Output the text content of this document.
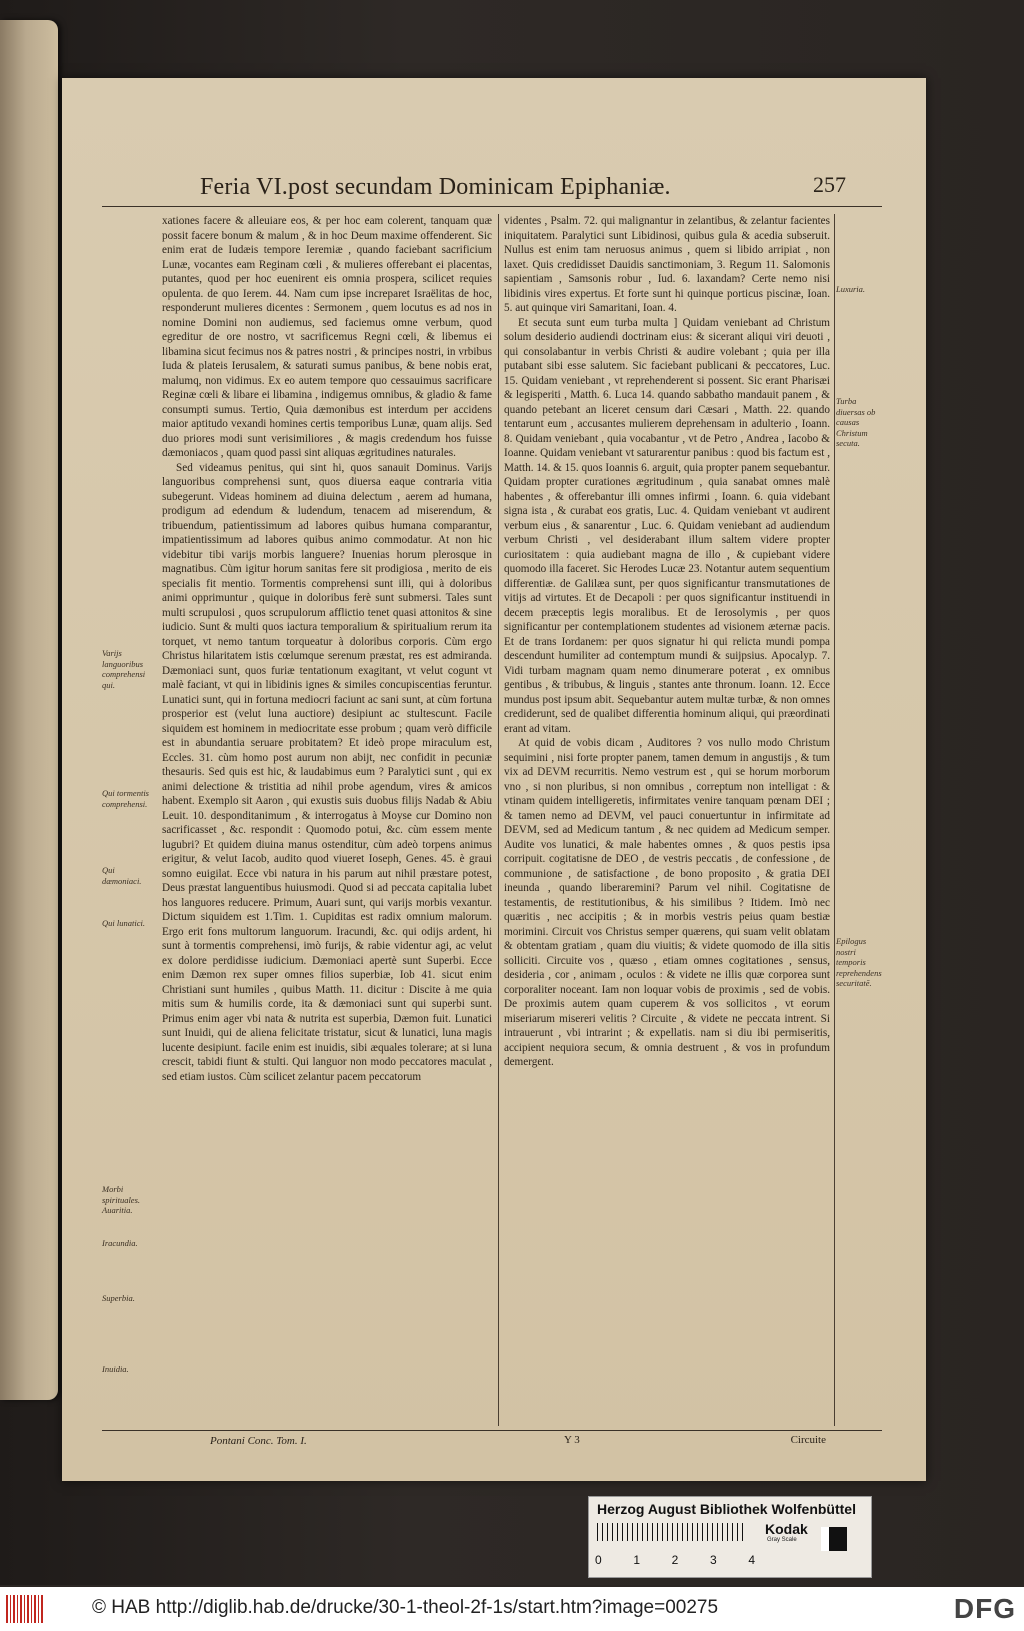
Feria VI.post secundam Dominicam Epiphaniæ.	257
Varijs languoribus comprehensi qui.
Qui tormentis comprehensi.
Qui dæmoniaci.
Qui lunatici.
Morbi spirituales. Auaritia.
Iracundia.
Superbia.
Inuidia.

xationes facere & alleuiare eos, & per hoc eam colerent, tanquam quæ possit facere bonum & malum , & in hoc Deum maxime offenderent. Sic enim erat de Iudæis tempore Ieremiæ , quando faciebant sacrificium Lunæ, vocantes eam Reginam cœli , & mulieres offerebant ei placentas, putantes, quod per hoc euenirent eis omnia prospera, scilicet requies opulenta. de quo Ierem. 44. Nam cum ipse increparet Israëlitas de hoc, responderunt mulieres dicentes : Sermonem , quem locutus es ad nos in nomine Domini non audiemus, sed faciemus omne verbum, quod egreditur de ore nostro, vt sacrificemus Regni cœli, & libemus ei libamina sicut fecimus nos & patres nostri , & principes nostri, in vrbibus Iuda & plateis Ierusalem, & saturati sumus panibus, & bene nobis erat, malumq, non vidimus. Ex eo autem tempore quo cessauimus sacrificare Reginæ cœli & libare ei libamina , indigemus omnibus, & gladio & fame consumpti sumus. Tertio, Quia dæmonibus est interdum per accidens maior aptitudo vexandi homines certis temporibus Lunæ, quam alijs. Sed duo priores modi sunt verisimiliores , & magis credendum hos fuisse dæmoniacos , quam quod passi sint aliquas ægritudines naturales.

Sed videamus penitus, qui sint hi, quos sanauit Dominus. Varijs languoribus comprehensi sunt, quos diuersa eaque contraria vitia subegerunt. Videas hominem ad diuina delectum , aerem ad humana, prodigum ad edendum & ludendum, tenacem ad miserendum, & tribuendum, patientissimum ad labores quibus humana comparantur, impatientissimum ad labores quibus animo commodatur. At non hic videbitur tibi varijs morbis languere? Inuenias horum plerosque in magnatibus. Cùm igitur horum sanitas fere sit prodigiosa , merito de eis specialis fit mentio. Tormentis comprehensi sunt illi, qui à doloribus animi opprimuntur , quique in doloribus ferè sunt submersi. Tales sunt multi scrupulosi , quos scrupulorum afflictio tenet quasi attonitos & sine iudicio. Sunt & multi quos iactura temporalium & spiritualium rerum ita torquet, vt nemo tantum torqueatur à doloribus corporis. Cùm ergo Christus hilaritatem istis cœlumque serenum præstat, res est admiranda. Dæmoniaci sunt, quos furiæ tentationum exagitant, vt velut cogunt vt malè faciant, vt qui in libidinis ignes & similes concupiscentias feruntur. Lunatici sunt, qui in fortuna mediocri faciunt ac sani sunt, at cùm fortuna prosperior est (velut luna auctiore) desipiunt ac stultescunt. Facile siquidem est hominem in mediocritate esse probum ; quam verò difficile est in abundantia seruare probitatem? Et ideò prope miraculum est, Eccles. 31. cùm homo post aurum non abijt, nec confidit in pecuniæ thesauris. Sed quis est hic, & laudabimus eum ? Paralytici sunt , qui ex animi delectione & tristitia ad nihil probe agendum, vires & amicos habent. Exemplo sit Aaron , qui exustis suis duobus filijs Nadab & Abiu Leuit. 10. desponditanimum , & interrogatus à Moyse cur Domino non sacrificasset , &c. respondit : Quomodo potui, &c. cùm essem mente lugubri? Et quidem diuina manus ostenditur, cùm adeò torpens animus erigitur, & velut Iacob, audito quod viueret Ioseph, Genes. 45. è graui somno euigilat. Ecce vbi natura in his parum aut nihil præstare potest, Deus præstat languentibus huiusmodi. Quod si ad peccata capitalia lubet hos languores reducere. Primum, Auari sunt, qui varijs morbis vexantur. Dictum siquidem est 1.Tim. 1. Cupiditas est radix omnium malorum. Ergo erit fons multorum languorum. Iracundi, &c. qui odijs ardent, hi sunt à tormentis comprehensi, imò furijs, & rabie videntur agi, ac velut ex dolore perdidisse iudicium. Dæmoniaci apertè sunt Superbi. Ecce enim Dæmon rex super omnes filios superbiæ, Iob 41. sicut enim Christiani sunt humiles , quibus Matth. 11. dicitur : Discite à me quia mitis sum & humilis corde, ita & dæmoniaci sunt qui superbi sunt. Primus enim ager vbi nata & nutrita est superbia, Dæmon fuit. Lunatici sunt Inuidi, qui de aliena felicitate tristatur, sicut & lunatici, luna magis lucente desipiunt. facile enim est inuidis, sibi æquales tolerare; at si luna crescit, tabidi fiunt & stulti. Qui languor non modo peccatores maculat , sed etiam iustos. Cùm scilicet zelantur pacem peccatorum

videntes , Psalm. 72. qui malignantur in zelantibus, & zelantur facientes iniquitatem. Paralytici sunt Libidinosi, quibus gula & acedia subseruit. Nullus est enim tam neruosus animus , quem si libido arripiat , non laxet. Quis credidisset Dauidis sanctimoniam, 3. Regum 11. Salomonis sapientiam , Samsonis robur , Iud. 6. laxandam? Certe nemo nisi libidinis vires expertus. Et forte sunt hi quinque porticus piscinæ, Ioan. 5. aut quinque viri Samaritani, Ioan. 4.

Et secuta sunt eum turba multa ] Quidam veniebant ad Christum solum desiderio audiendi doctrinam eius: & sicerant aliqui viri deuoti , qui consolabantur in verbis Christi & audire volebant ; quia per illa putabant sibi esse salutem. Sic faciebant publicani & peccatores, Luc. 15. Quidam veniebant , vt reprehenderent si possent. Sic erant Pharisæi & legisperiti , Matth. 6. Luca 14. quando sabbatho mandauit panem , & quando petebant an liceret censum dari Cæsari , Matth. 22. quando tentarunt eum , accusantes mulierem deprehensam in adulterio , Ioann. 8. Quidam veniebant , quia vocabantur , vt de Petro , Andrea , Iacobo & Ioanne. Quidam veniebant vt saturarentur panibus : quod bis factum est , Matth. 14. & 15. quos Ioannis 6. arguit, quia propter panem sequebantur. Quidam propter curationes ægritudinum , quia sanabat omnes malè habentes , & offerebantur illi omnes infirmi , Ioann. 6. quia videbant signa ista , & curabat eos gratis, Luc. 4. Quidam veniebant vt audirent verbum eius , & sanarentur , Luc. 6. Quidam veniebant ad audiendum verbum Christi , vel desiderabant illum saltem videre propter curiositatem : quia audiebant magna de illo , & cupiebant videre quomodo illa faceret. Sic Herodes Lucæ 23. Notantur autem sequentium differentiæ. de Galilæa sunt, per quos significantur transmutationes de vitijs ad virtutes. Et de Decapoli : per quos significantur instituendi in decem præceptis legis moralibus. Et de Ierosolymis , per quos significantur per contemplationem studentes ad visionem æternæ pacis. Et de trans Iordanem: per quos signatur hi qui relicta mundi pompa descendunt humiliter ad contemptum mundi & suijpsius. Apocalyp. 7. Vidi turbam magnam quam nemo dinumerare poterat , ex omnibus gentibus , & tribubus, & linguis , stantes ante thronum. Ioann. 12. Ecce mundus post ipsum abit. Sequebantur autem multæ turbæ, & non omnes crediderunt, sed de qualibet differentia hominum aliqui, qui præordinati erant ad vitam.

At quid de vobis dicam , Auditores ? vos nullo modo Christum sequimini , nisi forte propter panem, tamen demum in angustijs , & tum vix ad DEVM recurritis. Nemo vestrum est , qui se horum morborum vno , si non pluribus, si non omnibus , correptum non intelligat : & vtinam quidem intelligeretis, infirmitates venire tanquam pœnam DEI ; & tamen nemo ad DEVM, vel pauci conuertuntur in infirmitate ad DEVM, sed ad Medicum tantum , & nec quidem ad Medicum semper. Audite vos lunatici, & male habentes omnes , & quos pestis ipsa corripuit. cogitatisne de DEO , de vestris peccatis , de confessione , de communione , de satisfactione , de bono proposito , & gratia DEI ineunda , quando liberaremini? Parum vel nihil. Cogitatisne de testamentis, de restitutionibus, & his similibus ? Itidem. Imò nec quæritis , nec accipitis ; & in morbis vestris peius quam bestiæ morimini. Circuit vos Christus semper quærens, qui suam velit oblatam & obtentam gratiam , quam diu viuitis; & videte quomodo de illa sitis solliciti. Circuite vos , quæso , etiam omnes cogitationes , sensus, desideria , cor , animam , oculos : & videte ne illis quæ corporea sunt corporaliter noceant. Iam non loquar vobis de proximis , sed de vobis. De proximis autem quam cuperem & vos sollicitos , vt eorum miseriarum misereri velitis ? Circuite , & videte ne peccata intrent. Si intrauerunt , vbi intrarint ; & expellatis. nam si diu ibi permiseritis, accipient nequiora secum, & omnia destruent , & vos in profundum demergent.

Luxuria.
Turba diuersas ob causas Christum secuta.
Epilogus nostri temporis reprehendens securitatē.
Pontani Conc. Tom. I.	Y 3	Circuite
Herzog August Bibliothek Wolfenbüttel
Kodak
Gray Scale
0	1	2	3	4
© HAB http://diglib.hab.de/drucke/30-1-theol-2f-1s/start.htm?image=00275	DFG
